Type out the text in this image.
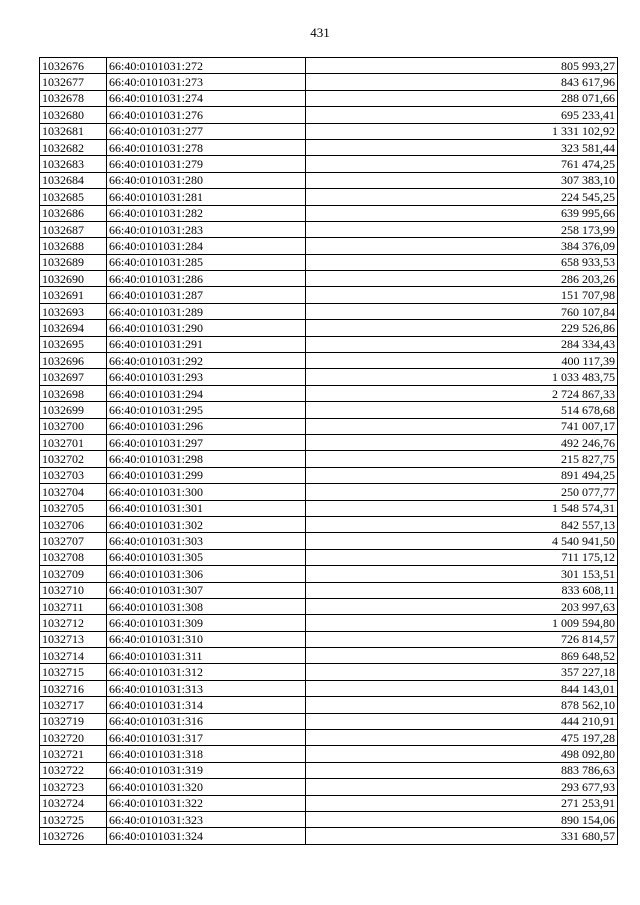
431
1032676	66:40:0101031:272	805 993,27
1032677	66:40:0101031:273	843 617,96
1032678	66:40:0101031:274	288 071,66
1032680	66:40:0101031:276	695 233,41
1032681	66:40:0101031:277	1 331 102,92
1032682	66:40:0101031:278	323 581,44
1032683	66:40:0101031:279	761 474,25
1032684	66:40:0101031:280	307 383,10
1032685	66:40:0101031:281	224 545,25
1032686	66:40:0101031:282	639 995,66
1032687	66:40:0101031:283	258 173,99
1032688	66:40:0101031:284	384 376,09
1032689	66:40:0101031:285	658 933,53
1032690	66:40:0101031:286	286 203,26
1032691	66:40:0101031:287	151 707,98
1032693	66:40:0101031:289	760 107,84
1032694	66:40:0101031:290	229 526,86
1032695	66:40:0101031:291	284 334,43
1032696	66:40:0101031:292	400 117,39
1032697	66:40:0101031:293	1 033 483,75
1032698	66:40:0101031:294	2 724 867,33
1032699	66:40:0101031:295	514 678,68
1032700	66:40:0101031:296	741 007,17
1032701	66:40:0101031:297	492 246,76
1032702	66:40:0101031:298	215 827,75
1032703	66:40:0101031:299	891 494,25
1032704	66:40:0101031:300	250 077,77
1032705	66:40:0101031:301	1 548 574,31
1032706	66:40:0101031:302	842 557,13
1032707	66:40:0101031:303	4 540 941,50
1032708	66:40:0101031:305	711 175,12
1032709	66:40:0101031:306	301 153,51
1032710	66:40:0101031:307	833 608,11
1032711	66:40:0101031:308	203 997,63
1032712	66:40:0101031:309	1 009 594,80
1032713	66:40:0101031:310	726 814,57
1032714	66:40:0101031:311	869 648,52
1032715	66:40:0101031:312	357 227,18
1032716	66:40:0101031:313	844 143,01
1032717	66:40:0101031:314	878 562,10
1032719	66:40:0101031:316	444 210,91
1032720	66:40:0101031:317	475 197,28
1032721	66:40:0101031:318	498 092,80
1032722	66:40:0101031:319	883 786,63
1032723	66:40:0101031:320	293 677,93
1032724	66:40:0101031:322	271 253,91
1032725	66:40:0101031:323	890 154,06
1032726	66:40:0101031:324	331 680,57
